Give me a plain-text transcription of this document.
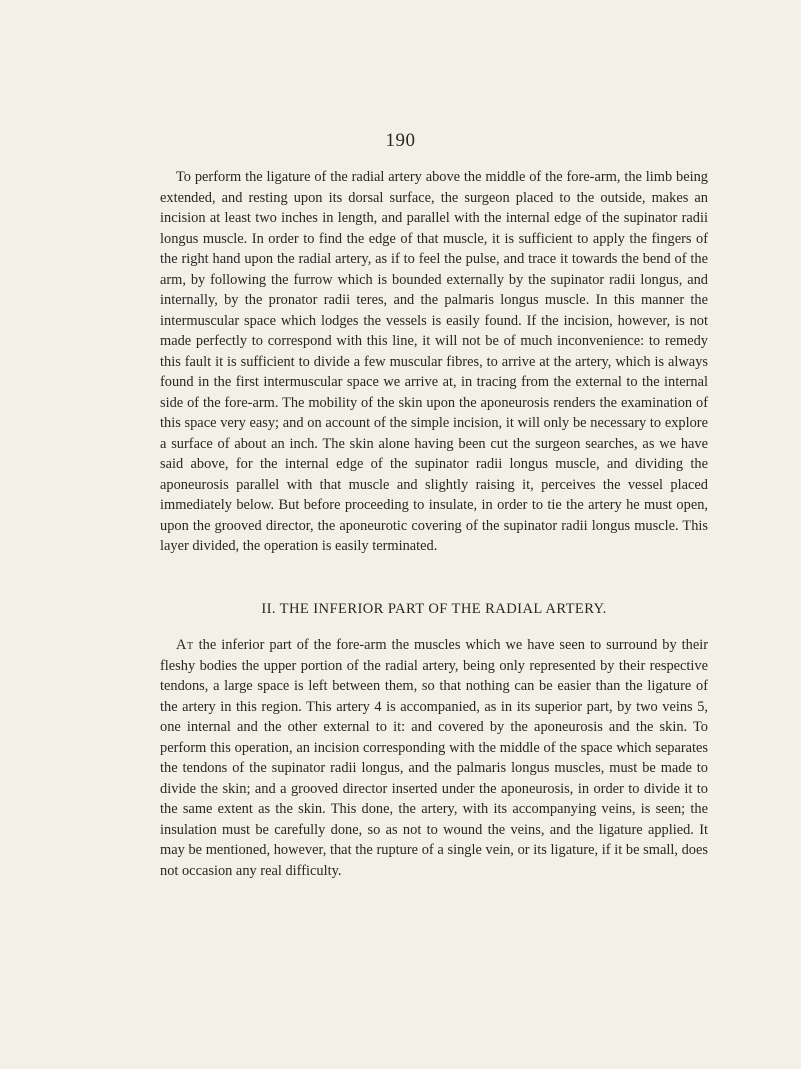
190

To perform the ligature of the radial artery above the middle of the fore-arm, the limb being extended, and resting upon its dorsal surface, the surgeon placed to the outside, makes an incision at least two inches in length, and parallel with the internal edge of the supinator radii longus muscle. In order to find the edge of that muscle, it is sufficient to apply the fingers of the right hand upon the radial artery, as if to feel the pulse, and trace it towards the bend of the arm, by following the furrow which is bounded externally by the supinator radii longus, and internally, by the pronator radii teres, and the palmaris longus muscle. In this manner the intermuscular space which lodges the vessels is easily found. If the incision, however, is not made perfectly to correspond with this line, it will not be of much inconvenience: to remedy this fault it is sufficient to divide a few muscular fibres, to arrive at the artery, which is always found in the first intermuscular space we arrive at, in tracing from the external to the internal side of the fore-arm. The mobility of the skin upon the aponeurosis renders the examination of this space very easy; and on account of the simple incision, it will only be necessary to explore a surface of about an inch. The skin alone having been cut the surgeon searches, as we have said above, for the internal edge of the supinator radii longus muscle, and dividing the aponeurosis parallel with that muscle and slightly raising it, perceives the vessel placed immediately below. But before proceeding to insulate, in order to tie the artery he must open, upon the grooved director, the aponeurotic covering of the supinator radii longus muscle. This layer divided, the operation is easily terminated.

II. THE INFERIOR PART OF THE RADIAL ARTERY.

At the inferior part of the fore-arm the muscles which we have seen to surround by their fleshy bodies the upper portion of the radial artery, being only represented by their respective tendons, a large space is left between them, so that nothing can be easier than the ligature of the artery in this region. This artery 4 is accompanied, as in its superior part, by two veins 5, one internal and the other external to it: and covered by the aponeurosis and the skin. To perform this operation, an incision corresponding with the middle of the space which separates the tendons of the supinator radii longus, and the palmaris longus muscles, must be made to divide the skin; and a grooved director inserted under the aponeurosis, in order to divide it to the same extent as the skin. This done, the artery, with its accompanying veins, is seen; the insulation must be carefully done, so as not to wound the veins, and the ligature applied. It may be mentioned, however, that the rupture of a single vein, or its ligature, if it be small, does not occasion any real difficulty.
